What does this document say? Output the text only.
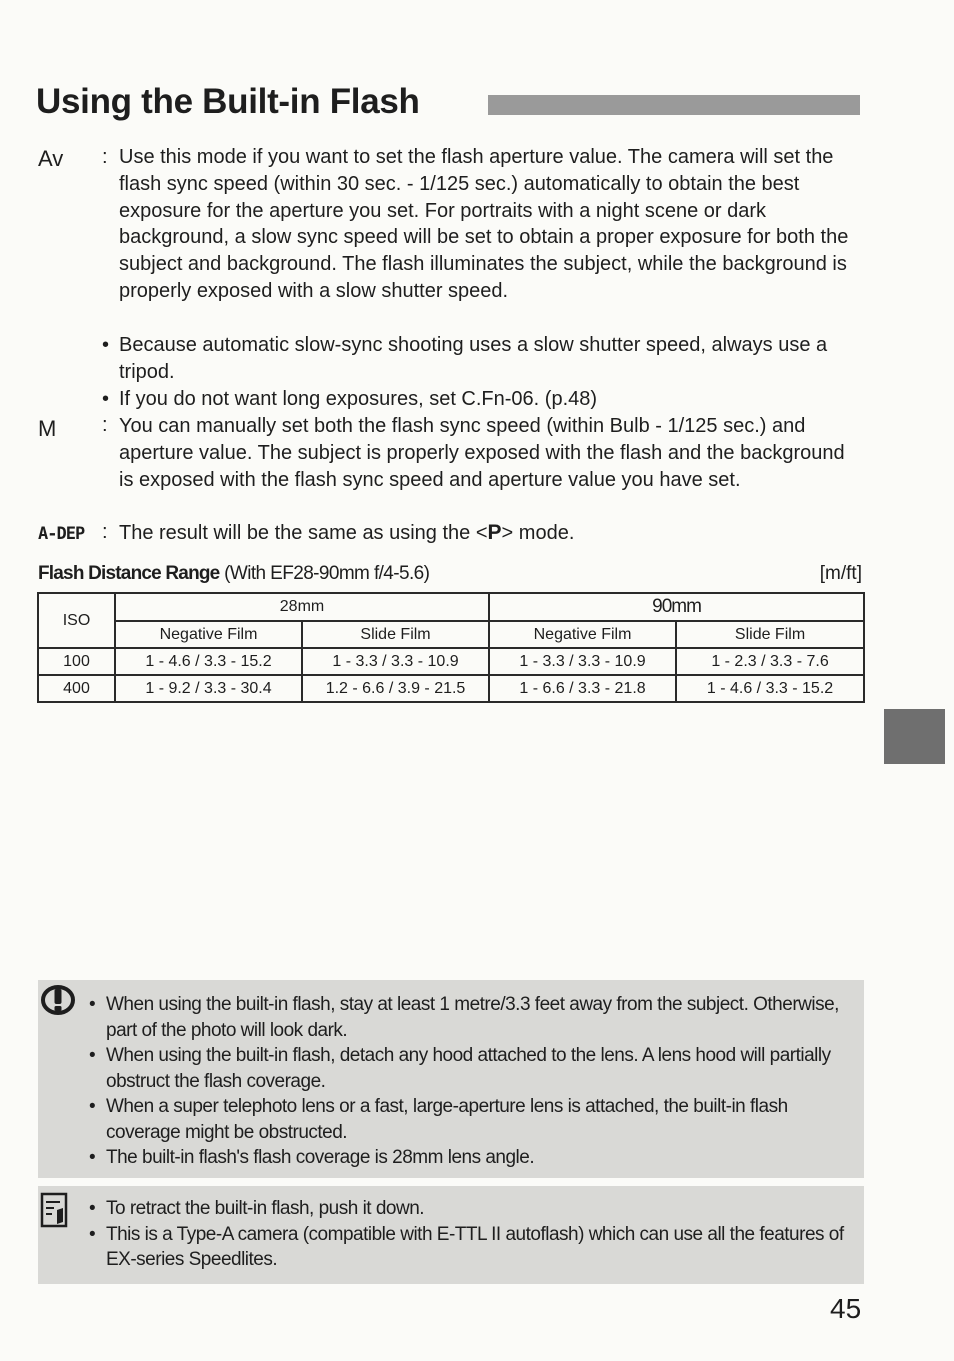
Using the Built-in Flash
Av : Use this mode if you want to set the flash aperture value. The camera will set the flash sync speed (within 30 sec. - 1/125 sec.) automatically to obtain the best exposure for the aperture you set. For portraits with a night scene or dark background, a slow sync speed will be set to obtain a proper exposure for both the subject and background. The flash illuminates the subject, while the background is properly exposed with a slow shutter speed.
• Because automatic slow-sync shooting uses a slow shutter speed, always use a tripod.
• If you do not want long exposures, set C.Fn-06. (p.48)
M : You can manually set both the flash sync speed (within Bulb - 1/125 sec.) and aperture value. The subject is properly exposed with the flash and the background is exposed with the flash sync speed and aperture value you have set.
A-DEP : The result will be the same as using the <P> mode.
Flash Distance Range (With EF28-90mm f/4-5.6)	[m/ft]
ISO	28mm		90mm	
	Negative Film	Slide Film	Negative Film	Slide Film
100	1 - 4.6 / 3.3 - 15.2	1 - 3.3 / 3.3 - 10.9	1 - 3.3 / 3.3 - 10.9	1 - 2.3 / 3.3 - 7.6
400	1 - 9.2 / 3.3 - 30.4	1.2 - 6.6 / 3.9 - 21.5	1 - 6.6 / 3.3 - 21.8	1 - 4.6 / 3.3 - 15.2
• When using the built-in flash, stay at least 1 metre/3.3 feet away from the subject. Otherwise, part of the photo will look dark.
• When using the built-in flash, detach any hood attached to the lens. A lens hood will partially obstruct the flash coverage.
• When a super telephoto lens or a fast, large-aperture lens is attached, the built-in flash coverage might be obstructed.
• The built-in flash's flash coverage is 28mm lens angle.
• To retract the built-in flash, push it down.
• This is a Type-A camera (compatible with E-TTL II autoflash) which can use all the features of EX-series Speedlites.
45
